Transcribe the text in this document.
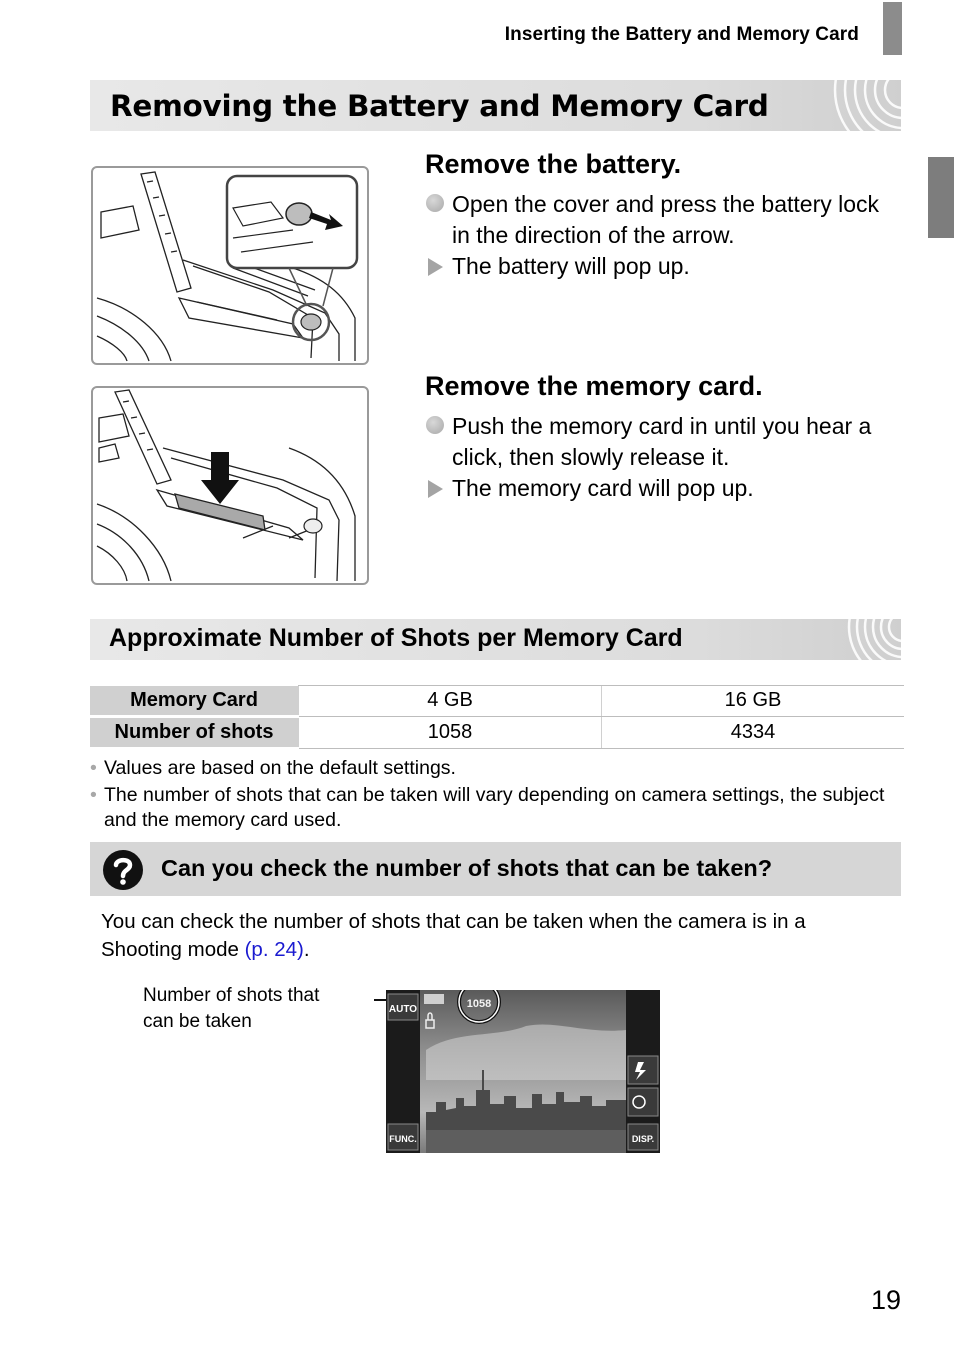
Inserting the Battery and Memory Card
Removing the Battery and Memory Card
Remove the battery.

Open the cover and press the battery lock

in the direction of the arrow.

The battery will pop up.

Remove the memory card.

Push the memory card in until you hear a

click, then slowly release it.

The memory card will pop up.

Approximate Number of Shots per Memory Card
Memory Card	4 GB	16 GB
Number of shots	1058	4334
• Values are based on the default settings.
• The number of shots that can be taken will vary depending on camera settings, the subject and the memory card used.
Can you check the number of shots that can be taken?
You can check the number of shots that can be taken when the camera is in a
Shooting mode (p. 24).
Number of shots that
can be taken
AUTO
FUNC.	DISP.
1058
19
